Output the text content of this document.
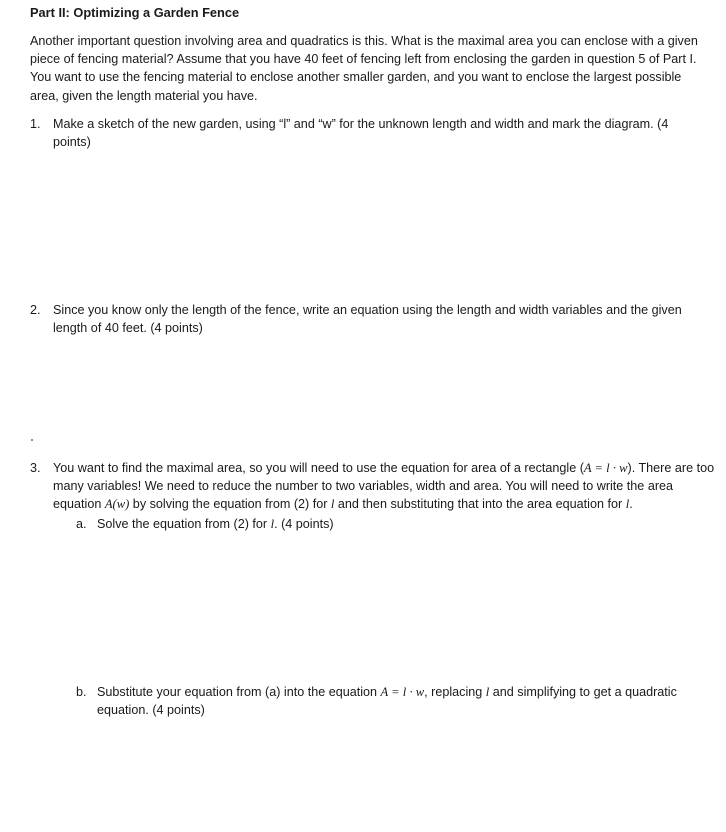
Part II: Optimizing a Garden Fence
Another important question involving area and quadratics is this. What is the maximal area you can enclose with a given piece of fencing material? Assume that you have 40 feet of fencing left from enclosing the garden in question 5 of Part I. You want to use the fencing material to enclose another smaller garden, and you want to enclose the largest possible area, given the length material you have.
1. Make a sketch of the new garden, using “l” and “w” for the unknown length and width and mark the diagram. (4 points)
2. Since you know only the length of the fence, write an equation using the length and width variables and the given length of 40 feet. (4 points)
3. You want to find the maximal area, so you will need to use the equation for area of a rectangle (A = l · w). There are too many variables! We need to reduce the number to two variables, width and area. You will need to write the area equation A(w) by solving the equation from (2) for l and then substituting that into the area equation for l.
a. Solve the equation from (2) for l. (4 points)
b. Substitute your equation from (a) into the equation A = l · w, replacing l and simplifying to get a quadratic equation. (4 points)
